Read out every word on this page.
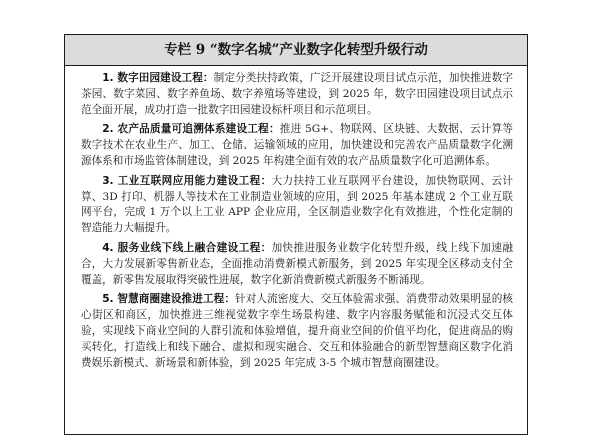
专栏 9 “数字名城”产业数字化转型升级行动

1. 数字田园建设工程：制定分类扶持政策，广泛开展建设项目试点示范，加快推进数字茶园、数字菜园、数字养鱼场、数字养殖场等建设，到 2025 年，数字田园建设项目试点示范全面开展，成功打造一批数字田园建设标杆项目和示范项目。

2. 农产品质量可追溯体系建设工程：推进 5G+、物联网、区块链、大数据、云计算等数字技术在农业生产、加工、仓储、运输领域的应用，加快建设和完善农产品质量数字化溯源体系和市场监管体制建设，到 2025 年构建全面有效的农产品质量数字化可追溯体系。

3. 工业互联网应用能力建设工程：大力扶持工业互联网平台建设，加快物联网、云计算、3D 打印、机器人等技术在工业制造业领域的应用，到 2025 年基本建成 2 个工业互联网平台，完成 1 万个以上工业 APP 企业应用，全区制造业数字化有效推进，个性化定制的智造能力大幅提升。

4. 服务业线下线上融合建设工程：加快推进服务业数字化转型升级，线上线下加速融合，大力发展新零售新业态，全面推动消费新模式新服务，到 2025 年实现全区移动支付全覆盖，新零售发展取得突破性进展，数字化新消费新模式新服务不断涌现。

5. 智慧商圈建设推进工程：针对人流密度大、交互体验需求强、消费带动效果明显的核心街区和商区，加快推进三维视觉数字孪生场景构建、数字内容服务赋能和沉浸式交互体验，实现线下商业空间的人群引流和体验增值，提升商业空间的价值平均化，促进商品的购买转化，打造线上和线下融合、虚拟和现实融合、交互和体验融合的新型智慧商区数字化消费娱乐新模式、新场景和新体验，到 2025 年完成 3-5 个城市智慧商圈建设。
